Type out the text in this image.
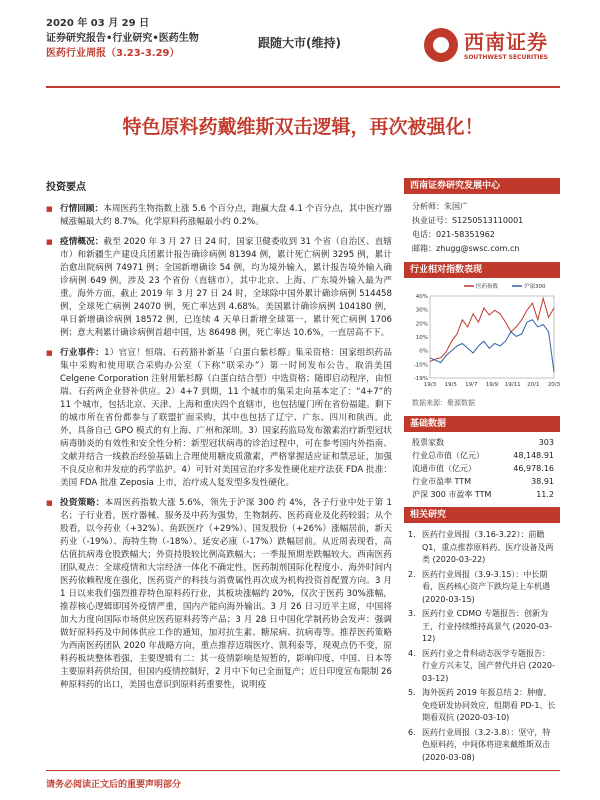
2020 年 03 月 29 日
证券研究报告•行业研究•医药生物
医药行业周报（3.23-3.29）
跟随大市(维持)	西南证券
SOUTHWEST SECURITIES
特色原料药戴维斯双击逻辑，再次被强化！
投资要点
■ 行情回顾：本周医药生物指数上涨 5.6 个百分点，跑赢大盘 4.1 个百分点，其中医疗器械涨幅最大约 8.7%。化学原料药涨幅最小约 0.2%。
■ 疫情概况：截至 2020 年 3 月 27 日 24 时，国家卫健委收到 31 个省（自治区、直辖市）和新疆生产建设兵团累计报告确诊病例 81394 例，累计死亡病例 3295 例，累计治愈出院病例 74971 例；全国新增确诊 54 例，均为境外输入，累计报告境外输入确诊病例 649 例，涉及 23 个省份（直辖市），其中北京、上海、广东境外输入最为严重。海外方面，截止 2019 年 3 月 27 日 24 时，全球除中国外累计确诊病例 514458 例，全球死亡病例 24070 例，死亡率达到 4.68%。美国累计确诊病例 104180 例，单日新增确诊病例 18572 例，已连续 4 天单日新增全球第一，累计死亡病例 1706 例；意大利累计确诊病例首超中国，达 86498 例，死亡率达 10.6%，一直居高不下。
■ 行业事件：1）官宣！恒瑞、石药豁补新基「白蛋白紫杉醇」集采资格：国家组织药品集中采购和使用联合采购办公室（下称“联采办”）第一时间发布公告，取消美国 Celgene Corporation 注射用紫杉醇（白蛋白结合型）中选资格；随即启动程序，由恒瑞、石药两企业替补供应。2）4+7 到期，11 个城市的集采走向基本定了：“4+7”的 11 个城市，包括北京、天津、上海和重庆四个直辖市，也包括厦门所在省份福建。剩下的城市所在省份都参与了联盟扩面采购，其中也包括了辽宁、广东、四川和陕西。此外，具备自己 GPO 模式的有上海、广州和深圳。3）国家药监局发布激素治疗新型冠状病毒肺炎的有效性和安全性分析：新型冠状病毒的诊治过程中，可在参考国内外指南、文献并结合一线救治经验基础上合理使用糖皮质激素，严格掌握适应证和禁忌证，加强不良反应和并发症的药学监护。4）可针对美国宣治疗多发性硬化症疗法获 FDA 批准：美国 FDA 批准 Zeposia 上市，治疗成人复发型多发性硬化。
■ 投资策略：本周医药指数大涨 5.6%，领先于沪深 300 约 4%，各子行业中处于第 1 名；子行业看，医疗器械、服务及中药为强势，生物制药、医药商业及化药较弱；从个股看，以今药业（+32%）、鱼跃医疗（+29%）、国发股份（+26%）涨幅居前，新天药业（-19%）、海特生物（-18%）、延安必康（-17%）跌幅居前。从近周表现看，高估值抗病毒仓股跌幅大；外资持股较比例高跌幅大；一季报预期差跌幅较大。西南医药团队观点：全球疫情和大宗经济一体化不确定性，医药制剂国际化程度小、海外时间内医药依赖程度在强化，医药资产的科技与消费属性再次成为机构投资首配置方向。3 月 1 日以来我们强烈推荐特色原料药行业，其板块涨幅约 20%，仅次于医药 30%涨幅，推荐核心逻辑即国外疫情严重，国内产能向海外输出。3 月 26 日习近平主席，中国将加大力度向国际市场供应医药原料药等产品；3 月 28 日中国化学制药协会发声：强调做好原料药及中间体供应工作的通知，加对抗生素、糖尿病、抗病毒等。推荐医药策略为西南医药团队 2020 年战略方向，重点推荐迈瑞医疗、凯利泰等，现观点仍不变，原料药板块整体看强，主要逻辑有二：其一疫情影响是短暂的，影响印度、中国、日本等主要原料药供给国，但国内疫情控制好，2 月中下旬已全面复产；近日印度宣布限制 26 种原料药的出口，美国也意识到原料药重要性，说明疫
西南证券研究发展中心
分析师：朱国广
执业证号：S1250513110001
电话：021-58351962
邮箱：zhugg@swsc.com.cn
行业相对指数表现
40%
30%
20%
10%
0%
-10%
-19%
19/3 19/5 19/7 19/9 19/11 20/1 20/3
医药指数	沪深300
数据来源：聚源数据
基础数据
股票家数	303
行业总市值（亿元）	48,148.91
流通市值（亿元）	46,978.16
行业市盈率 TTM	38.91
沪深 300 市盈率 TTM	11.2
相关研究
1. 医药行业周报（3.16-3.22）：前瞻 Q1，重点推荐原料药、医疗设备及两类 (2020-03-22)
2. 医药行业周报（3.9-3.15）：中长期看，医药核心资产下跌均是上车机遇 (2020-03-15)
3. 医药行业 CDMO 专题报告：创新为王，行业持续维持高景气 (2020-03-12)
4. 医药行业之骨科动态医学专题报告：行业方兴未艾，国产替代并启 (2020-03-12)
5. 海外医药 2019 年报总结 2：肿瘤、免疫研发协同效应，组期看 PD-1、长期看双抗 (2020-03-10)
6. 医药行业周报（3.2-3.8）：坚守，特色原料药，中间体将迎来戴维斯双击 (2020-03-08)
请务必阅读正文后的重要声明部分
